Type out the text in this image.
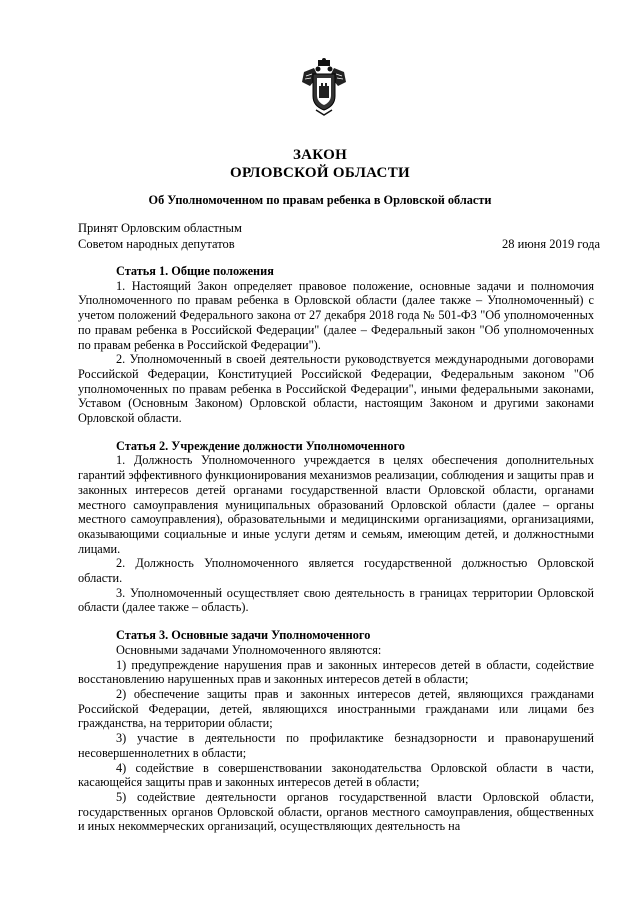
ЗАКОН
ОРЛОВСКОЙ ОБЛАСТИ
Об Уполномоченном по правам ребенка в Орловской области
Принят Орловским областным
Советом народных депутатов	28 июня 2019 года

Статья 1. Общие положения

1. Настоящий Закон определяет правовое положение, основные задачи и полномочия Уполномоченного по правам ребенка в Орловской области (далее также – Уполномоченный) с учетом положений Федерального закона от 27 декабря 2018 года № 501-ФЗ "Об уполномоченных по правам ребенка в Российской Федерации" (далее – Федеральный закон "Об уполномоченных по правам ребенка в Российской Федерации").

2. Уполномоченный в своей деятельности руководствуется международными договорами Российской Федерации, Конституцией Российской Федерации, Федеральным законом "Об уполномоченных по правам ребенка в Российской Федерации", иными федеральными законами, Уставом (Основным Законом) Орловской области, настоящим Законом и другими законами Орловской области.

Статья 2. Учреждение должности Уполномоченного

1. Должность Уполномоченного учреждается в целях обеспечения дополнительных гарантий эффективного функционирования механизмов реализации, соблюдения и защиты прав и законных интересов детей органами государственной власти Орловской области, органами местного самоуправления муниципальных образований Орловской области (далее – органы местного самоуправления), образовательными и медицинскими организациями, организациями, оказывающими социальные и иные услуги детям и семьям, имеющим детей, и должностными лицами.

2. Должность Уполномоченного является государственной должностью Орловской области.

3. Уполномоченный осуществляет свою деятельность в границах территории Орловской области (далее также – область).

Статья 3. Основные задачи Уполномоченного

Основными задачами Уполномоченного являются:

1) предупреждение нарушения прав и законных интересов детей в области, содействие восстановлению нарушенных прав и законных интересов детей в области;

2) обеспечение защиты прав и законных интересов детей, являющихся гражданами Российской Федерации, детей, являющихся иностранными гражданами или лицами без гражданства, на территории области;

3) участие в деятельности по профилактике безнадзорности и правонарушений несовершеннолетних в области;

4) содействие в совершенствовании законодательства Орловской области в части, касающейся защиты прав и законных интересов детей в области;

5) содействие деятельности органов государственной власти Орловской области, государственных органов Орловской области, органов местного самоуправления, общественных и иных некоммерческих организаций, осуществляющих деятельность на
